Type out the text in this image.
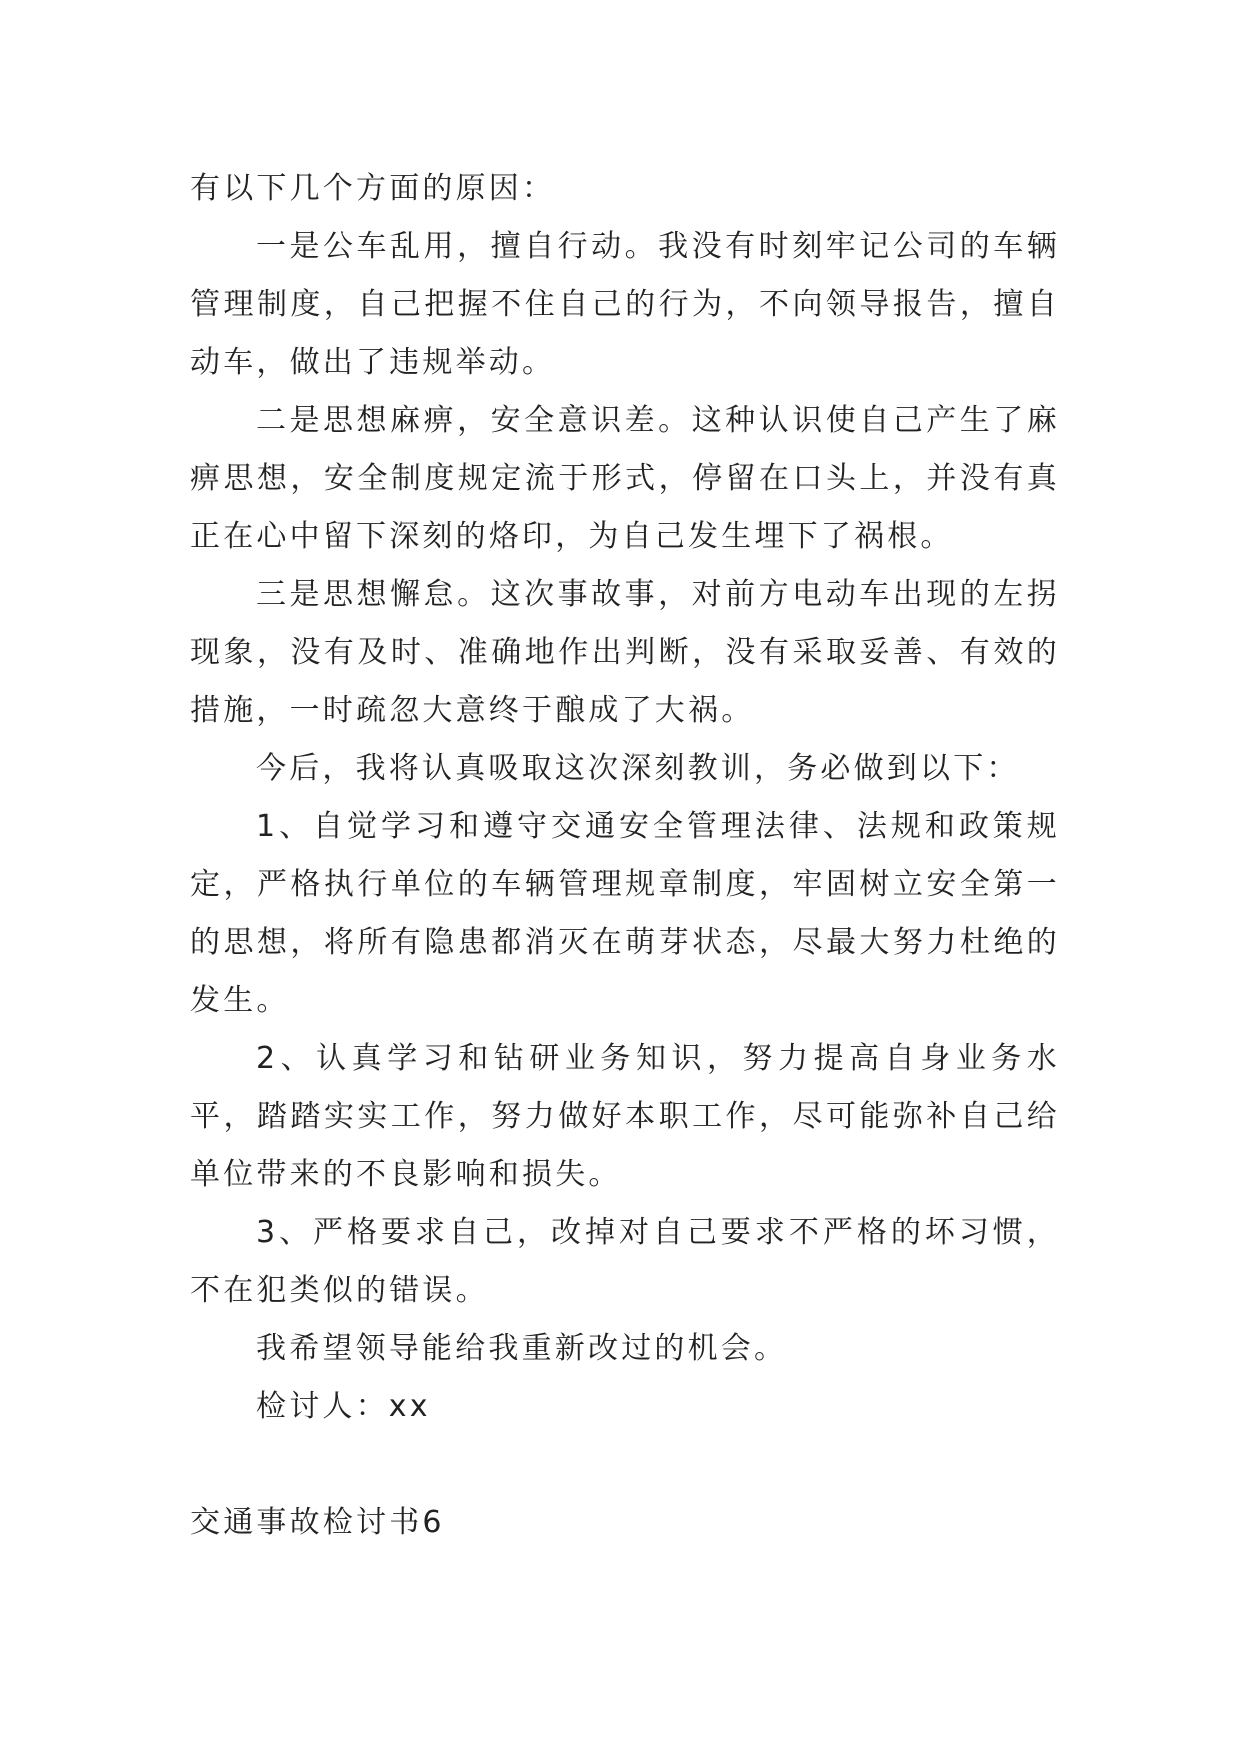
有以下几个方面的原因：

一是公车乱用，擅自行动。我没有时刻牢记公司的车辆管理制度，自己把握不住自己的行为，不向领导报告，擅自动车，做出了违规举动。

二是思想麻痹，安全意识差。这种认识使自己产生了麻痹思想，安全制度规定流于形式，停留在口头上，并没有真正在心中留下深刻的烙印，为自己发生埋下了祸根。

三是思想懈怠。这次事故事，对前方电动车出现的左拐现象，没有及时、准确地作出判断，没有采取妥善、有效的措施，一时疏忽大意终于酿成了大祸。

今后，我将认真吸取这次深刻教训，务必做到以下：

1、自觉学习和遵守交通安全管理法律、法规和政策规定，严格执行单位的车辆管理规章制度，牢固树立安全第一的思想，将所有隐患都消灭在萌芽状态，尽最大努力杜绝的发生。

2、认真学习和钻研业务知识，努力提高自身业务水平，踏踏实实工作，努力做好本职工作，尽可能弥补自己给单位带来的不良影响和损失。

3、严格要求自己，改掉对自己要求不严格的坏习惯，不在犯类似的错误。

我希望领导能给我重新改过的机会。

检讨人：xx

交通事故检讨书6
